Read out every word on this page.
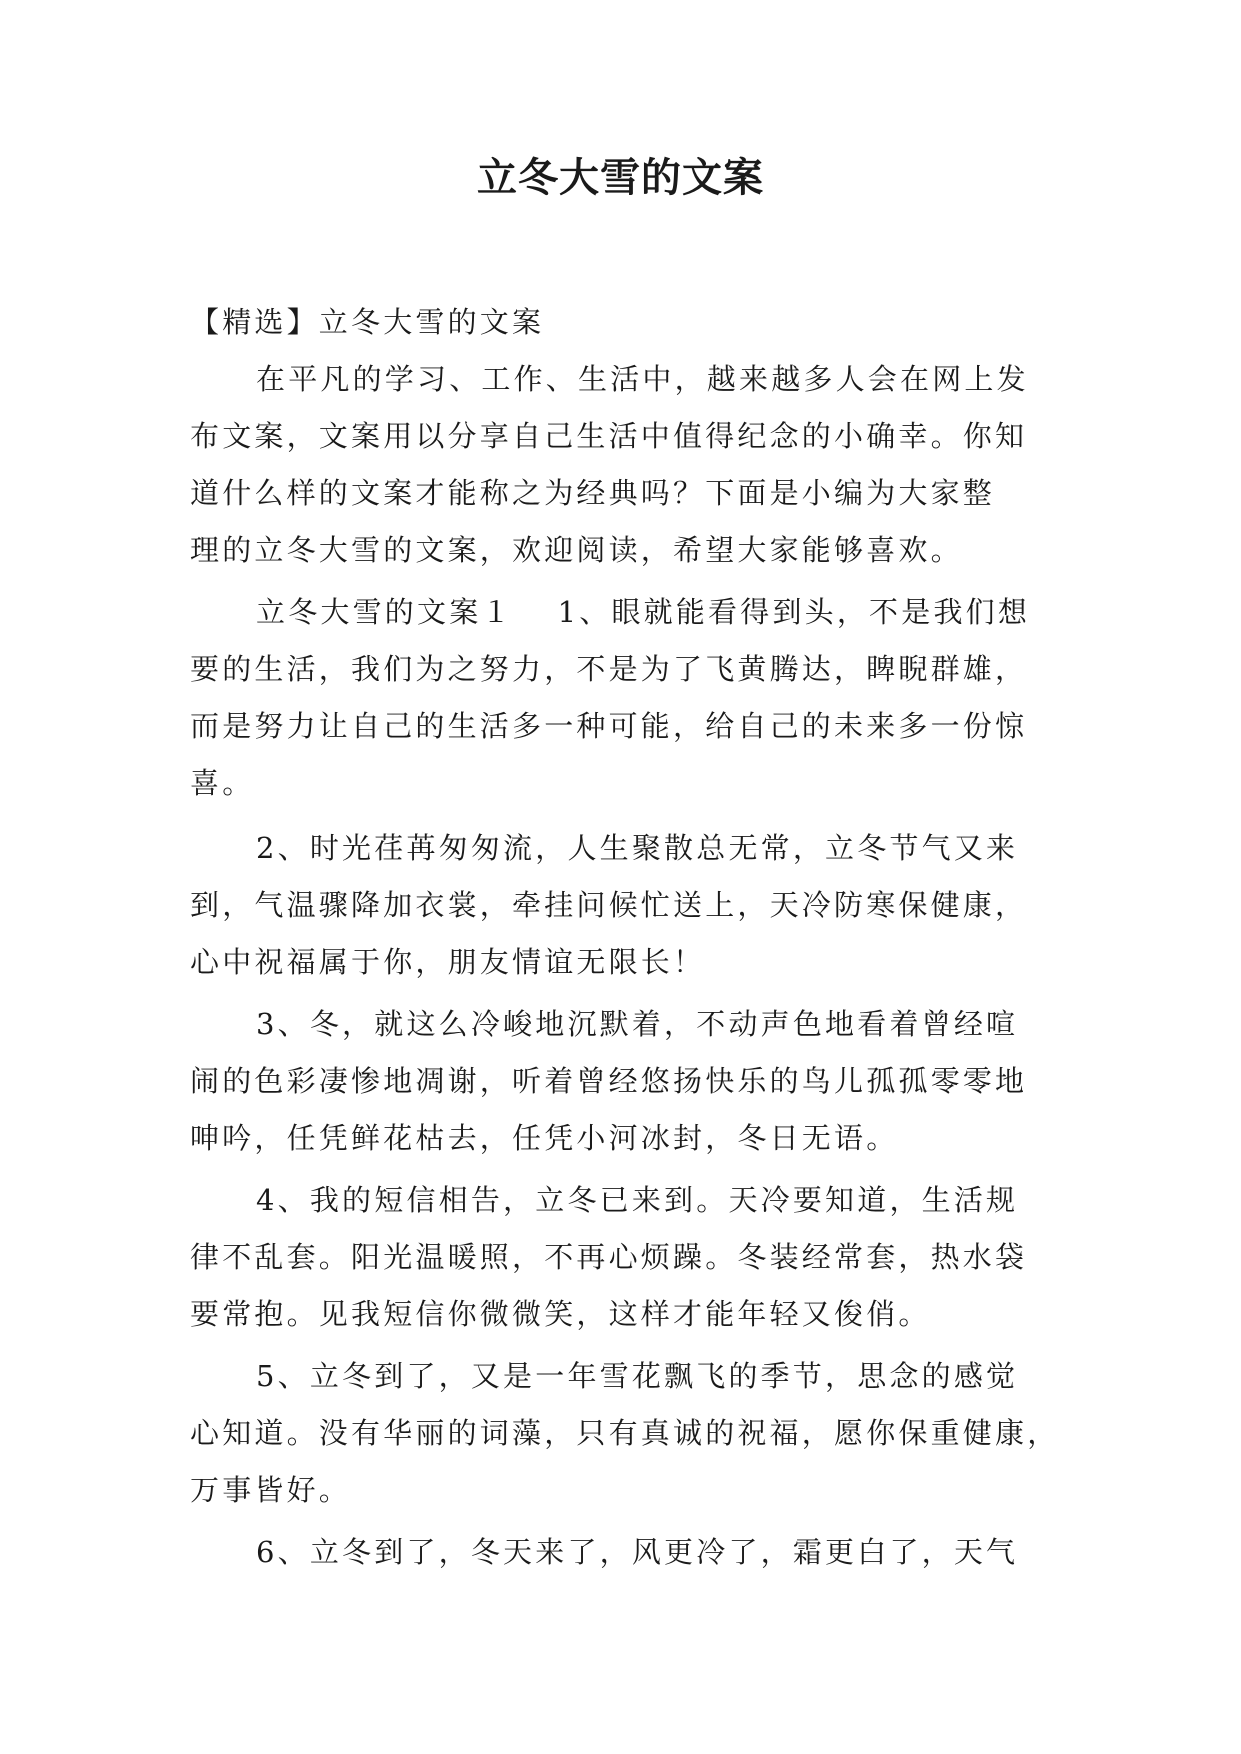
立冬大雪的文案
【精选】立冬大雪的文案
在平凡的学习、工作、生活中，越来越多人会在网上发
布文案，文案用以分享自己生活中值得纪念的小确幸。你知
道什么样的文案才能称之为经典吗？下面是小编为大家整
理的立冬大雪的文案，欢迎阅读，希望大家能够喜欢。
立冬大雪的文案１ 1、眼就能看得到头，不是我们想
要的生活，我们为之努力，不是为了飞黄腾达，睥睨群雄，
而是努力让自己的生活多一种可能，给自己的未来多一份惊
喜。
2、时光荏苒匆匆流，人生聚散总无常，立冬节气又来
到，气温骤降加衣裳，牵挂问候忙送上，天冷防寒保健康，
心中祝福属于你，朋友情谊无限长！
3、冬，就这么冷峻地沉默着，不动声色地看着曾经喧
闹的色彩凄惨地凋谢，听着曾经悠扬快乐的鸟儿孤孤零零地
呻吟，任凭鲜花枯去，任凭小河冰封，冬日无语。
4、我的短信相告，立冬已来到。天冷要知道，生活规
律不乱套。阳光温暖照，不再心烦躁。冬装经常套，热水袋
要常抱。见我短信你微微笑，这样才能年轻又俊俏。
5、立冬到了，又是一年雪花飘飞的季节，思念的感觉
心知道。没有华丽的词藻，只有真诚的祝福，愿你保重健康，
万事皆好。
6、立冬到了，冬天来了，风更冷了，霜更白了，天气
